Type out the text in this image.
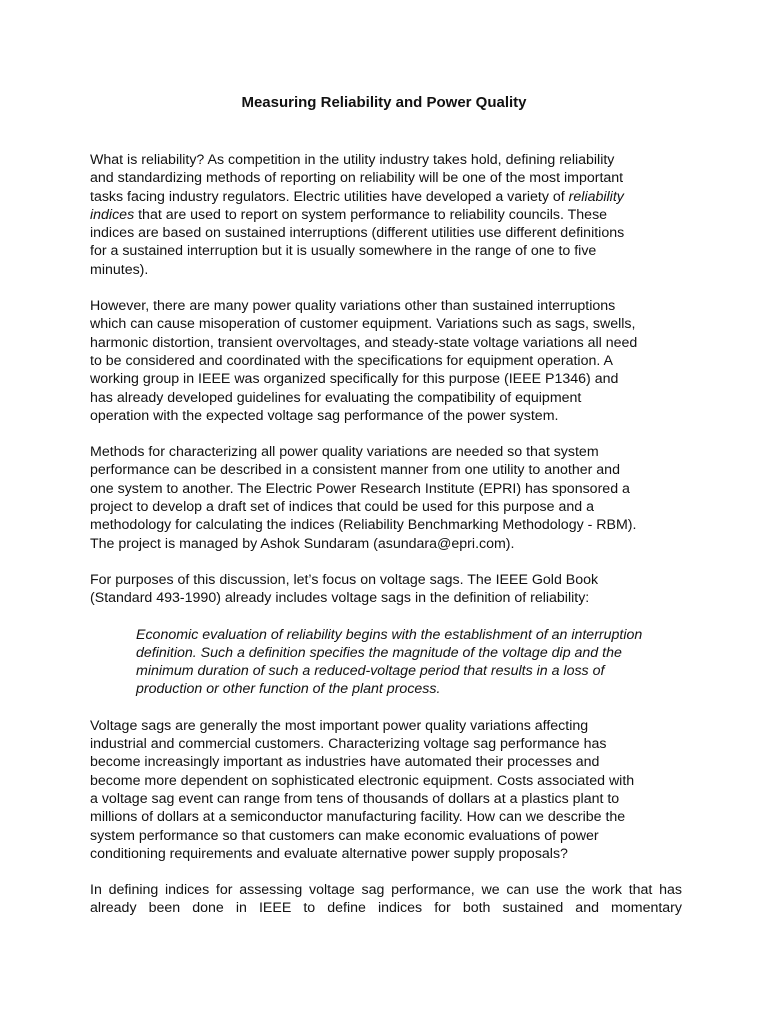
Measuring Reliability and Power Quality

What is reliability? As competition in the utility industry takes hold, defining reliability
and standardizing methods of reporting on reliability will be one of the most important
tasks facing industry regulators. Electric utilities have developed a variety of reliability
indices that are used to report on system performance to reliability councils. These
indices are based on sustained interruptions (different utilities use different definitions
for a sustained interruption but it is usually somewhere in the range of one to five
minutes).

However, there are many power quality variations other than sustained interruptions
which can cause misoperation of customer equipment. Variations such as sags, swells,
harmonic distortion, transient overvoltages, and steady-state voltage variations all need
to be considered and coordinated with the specifications for equipment operation. A
working group in IEEE was organized specifically for this purpose (IEEE P1346) and
has already developed guidelines for evaluating the compatibility of equipment
operation with the expected voltage sag performance of the power system.

Methods for characterizing all power quality variations are needed so that system
performance can be described in a consistent manner from one utility to another and
one system to another. The Electric Power Research Institute (EPRI) has sponsored a
project to develop a draft set of indices that could be used for this purpose and a
methodology for calculating the indices (Reliability Benchmarking Methodology - RBM).
The project is managed by Ashok Sundaram (asundara@epri.com).

For purposes of this discussion, let’s focus on voltage sags. The IEEE Gold Book
(Standard 493-1990) already includes voltage sags in the definition of reliability:

Economic evaluation of reliability begins with the establishment of an interruption
definition. Such a definition specifies the magnitude of the voltage dip and the
minimum duration of such a reduced-voltage period that results in a loss of
production or other function of the plant process.

Voltage sags are generally the most important power quality variations affecting
industrial and commercial customers. Characterizing voltage sag performance has
become increasingly important as industries have automated their processes and
become more dependent on sophisticated electronic equipment. Costs associated with
a voltage sag event can range from tens of thousands of dollars at a plastics plant to
millions of dollars at a semiconductor manufacturing facility. How can we describe the
system performance so that customers can make economic evaluations of power
conditioning requirements and evaluate alternative power supply proposals?

In defining indices for assessing voltage sag performance, we can use the work that has already been done in IEEE to define indices for both sustained and momentary
